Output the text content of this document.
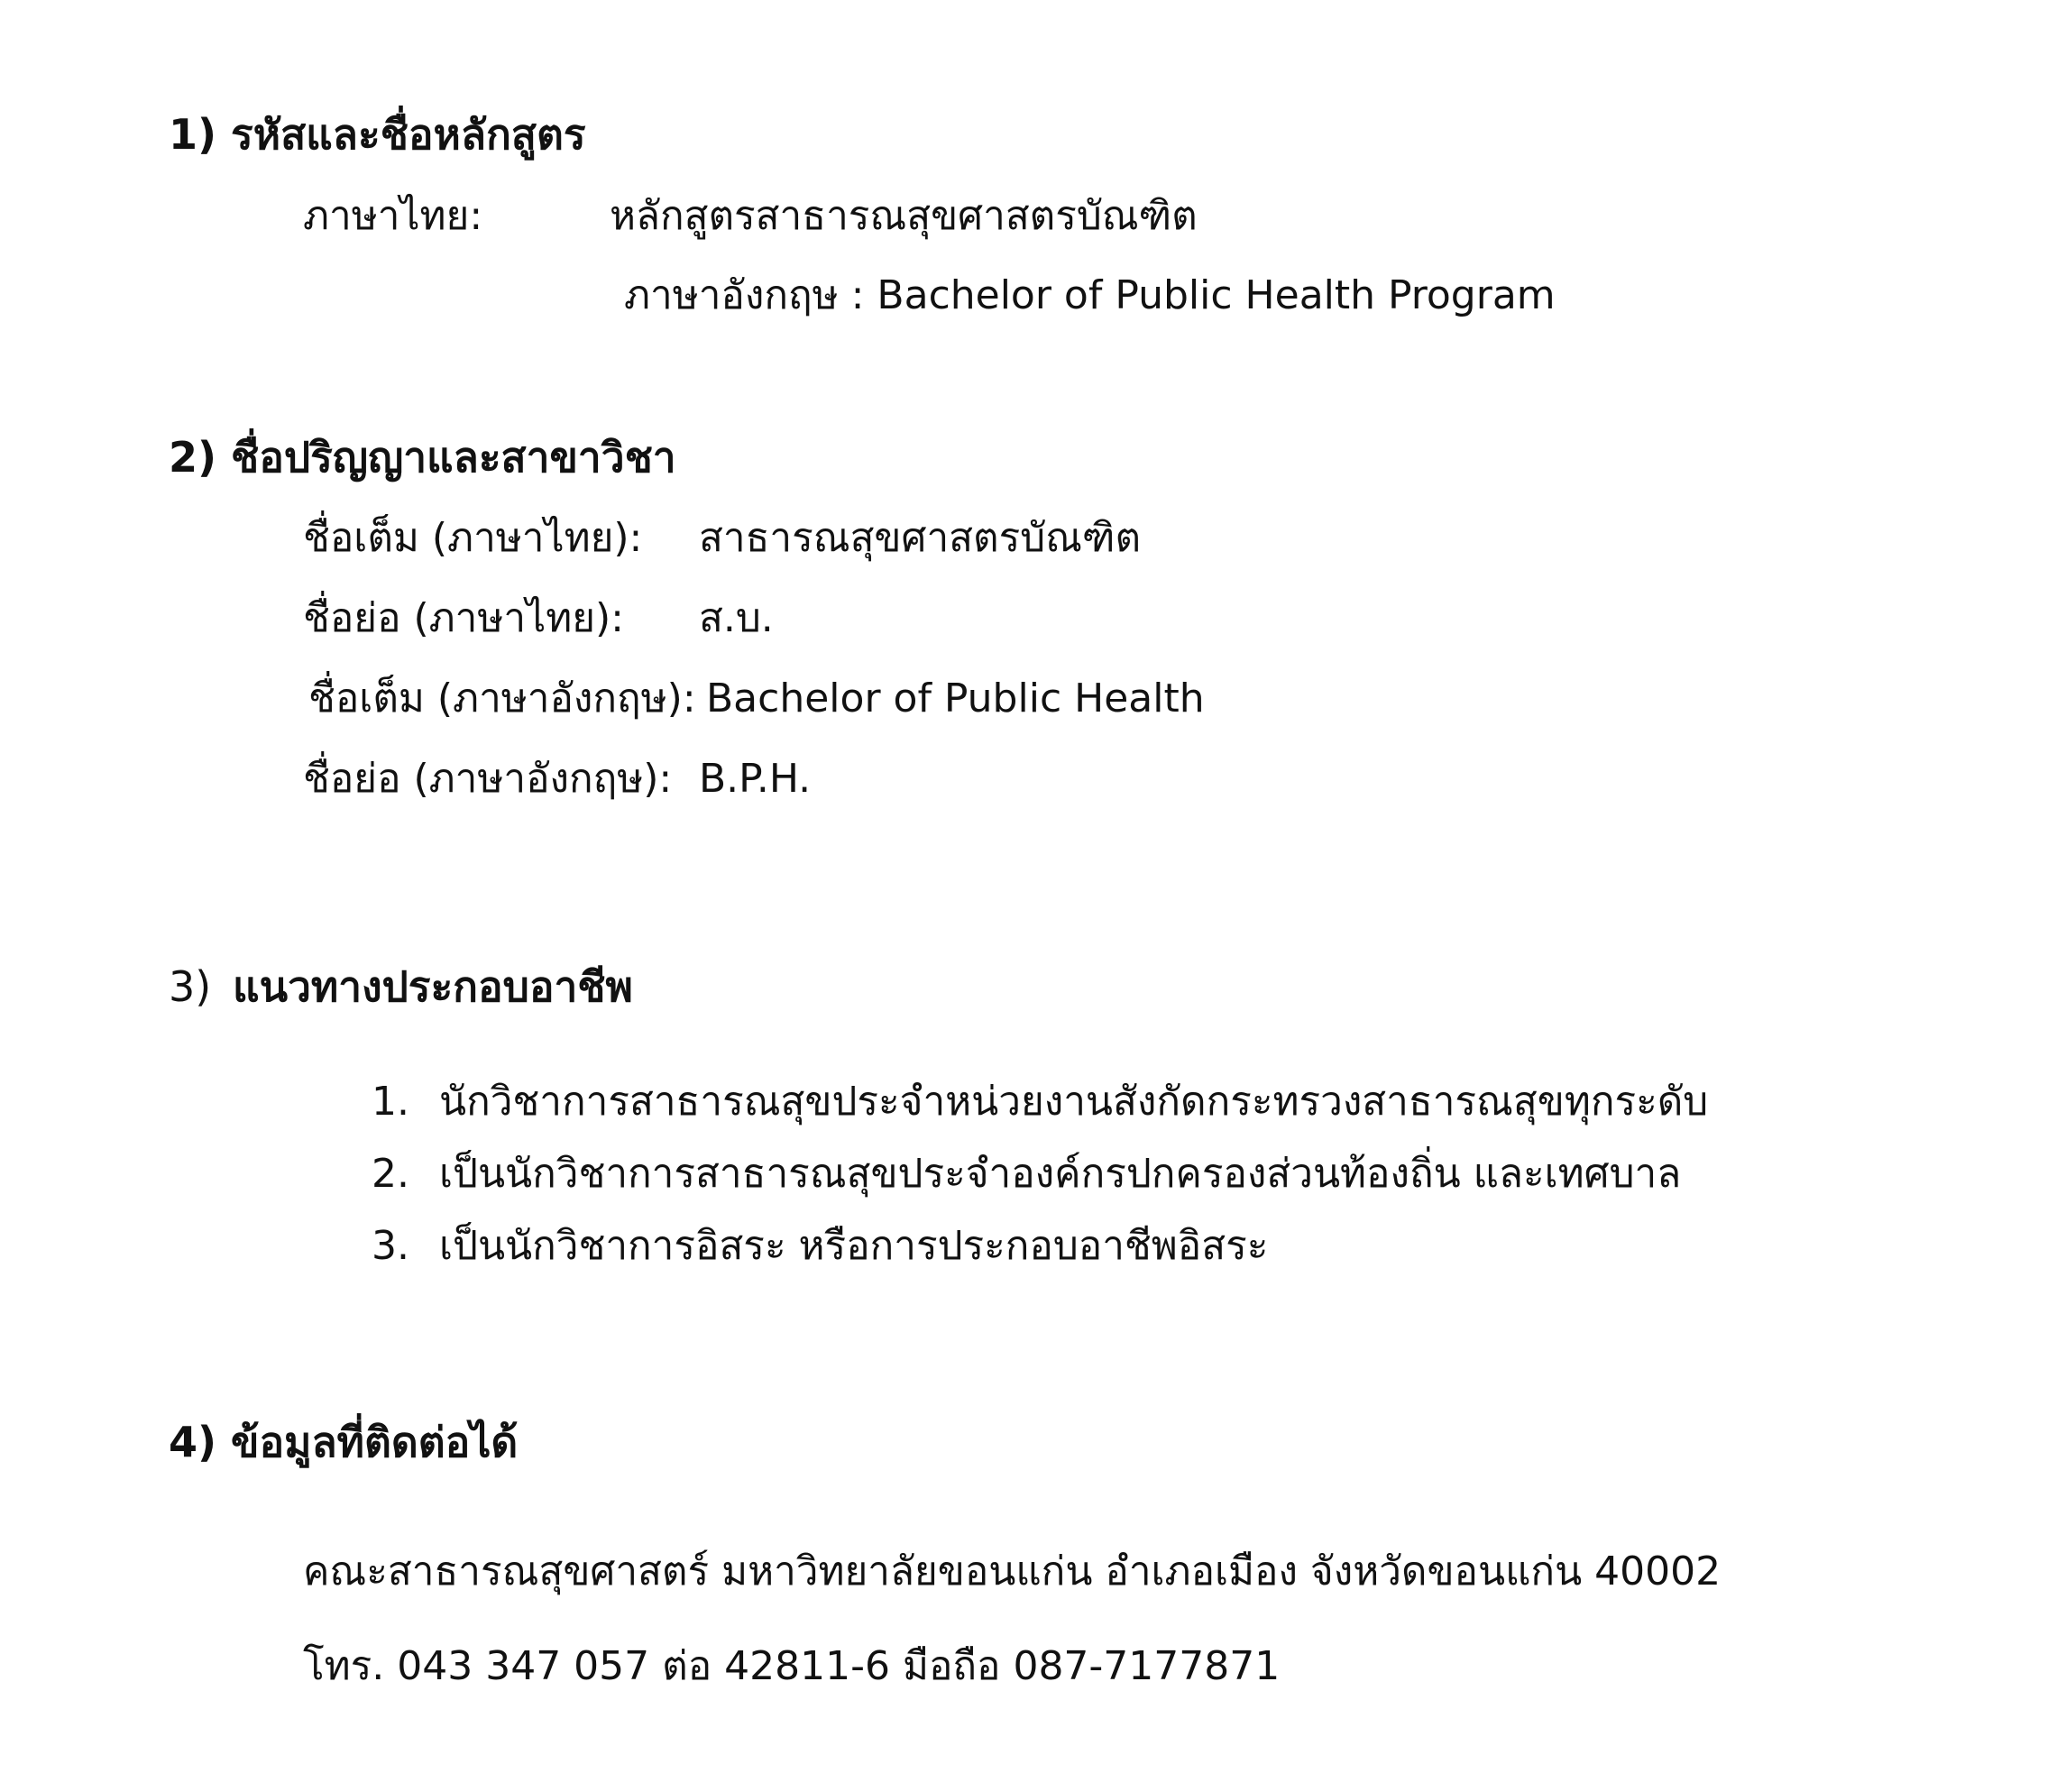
1) รหัสและชื่อหลักสูตร
ภาษาไทย:	หลักสูตรสาธารณสุขศาสตรบัณฑิต
ภาษาอังกฤษ : Bachelor of Public Health Program
2) ชื่อปริญญาและสาขาวิชา
ชื่อเต็ม (ภาษาไทย): สาธารณสุขศาสตรบัณฑิต
ชื่อย่อ (ภาษาไทย): ส.บ.
ชื่อเต็ม (ภาษาอังกฤษ): Bachelor of Public Health
ชื่อย่อ (ภาษาอังกฤษ): B.P.H.
3) แนวทางประกอบอาชีพ
1. นักวิชาการสาธารณสุขประจำหน่วยงานสังกัดกระทรวงสาธารณสุขทุกระดับ
2. เป็นนักวิชาการสาธารณสุขประจำองค์กรปกครองส่วนท้องถิ่น และเทศบาล
3. เป็นนักวิชาการอิสระ หรือการประกอบอาชีพอิสระ
4) ข้อมูลที่ติดต่อได้
คณะสาธารณสุขศาสตร์ มหาวิทยาลัยขอนแก่น อำเภอเมือง จังหวัดขอนแก่น 40002
โทร. 043 347 057 ต่อ 42811-6 มือถือ 087-7177871
